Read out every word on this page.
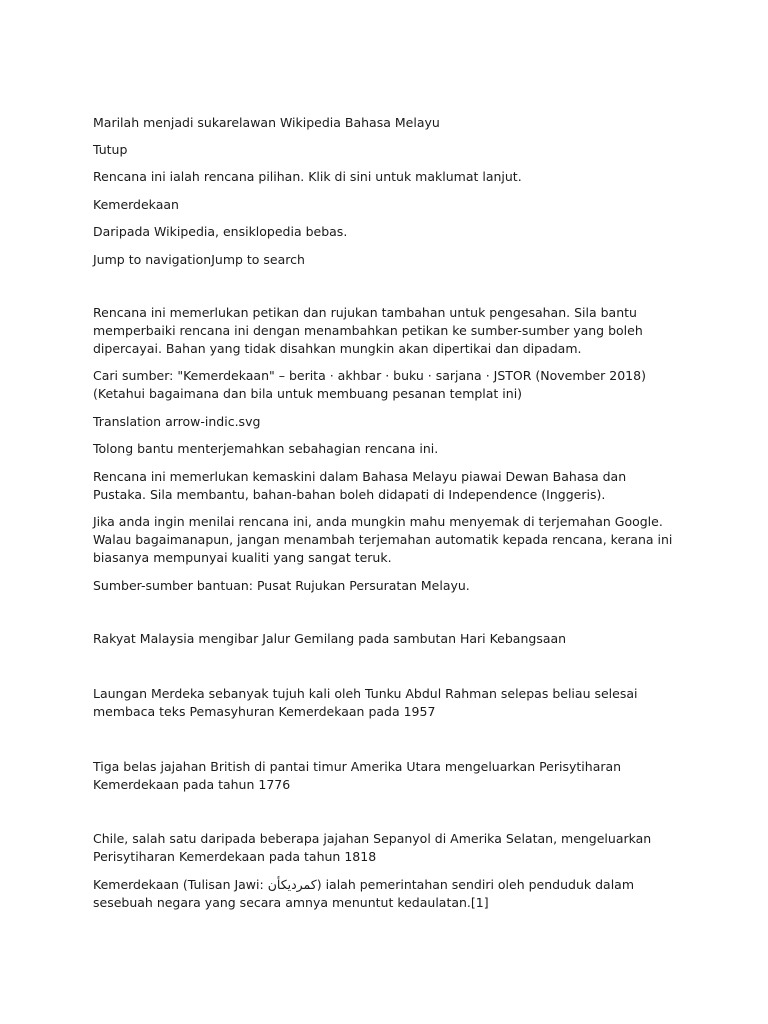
Marilah menjadi sukarelawan Wikipedia Bahasa Melayu

Tutup

Rencana ini ialah rencana pilihan. Klik di sini untuk maklumat lanjut.

Kemerdekaan

Daripada Wikipedia, ensiklopedia bebas.

Jump to navigationJump to search

Rencana ini memerlukan petikan dan rujukan tambahan untuk pengesahan. Sila bantu memperbaiki rencana ini dengan menambahkan petikan ke sumber-sumber yang boleh dipercayai. Bahan yang tidak disahkan mungkin akan dipertikai dan dipadam.

Cari sumber: "Kemerdekaan" – berita · akhbar · buku · sarjana · JSTOR (November 2018) (Ketahui bagaimana dan bila untuk membuang pesanan templat ini)

Translation arrow-indic.svg

Tolong bantu menterjemahkan sebahagian rencana ini.

Rencana ini memerlukan kemaskini dalam Bahasa Melayu piawai Dewan Bahasa dan Pustaka. Sila membantu, bahan-bahan boleh didapati di Independence (Inggeris).

Jika anda ingin menilai rencana ini, anda mungkin mahu menyemak di terjemahan Google. Walau bagaimanapun, jangan menambah terjemahan automatik kepada rencana, kerana ini biasanya mempunyai kualiti yang sangat teruk.

Sumber-sumber bantuan: Pusat Rujukan Persuratan Melayu.

Rakyat Malaysia mengibar Jalur Gemilang pada sambutan Hari Kebangsaan

Laungan Merdeka sebanyak tujuh kali oleh Tunku Abdul Rahman selepas beliau selesai membaca teks Pemasyhuran Kemerdekaan pada 1957

Tiga belas jajahan British di pantai timur Amerika Utara mengeluarkan Perisytiharan Kemerdekaan pada tahun 1776

Chile, salah satu daripada beberapa jajahan Sepanyol di Amerika Selatan, mengeluarkan Perisytiharan Kemerdekaan pada tahun 1818

Kemerdekaan (Tulisan Jawi: كمرديكأن) ialah pemerintahan sendiri oleh penduduk dalam sesebuah negara yang secara amnya menuntut kedaulatan.[1]
